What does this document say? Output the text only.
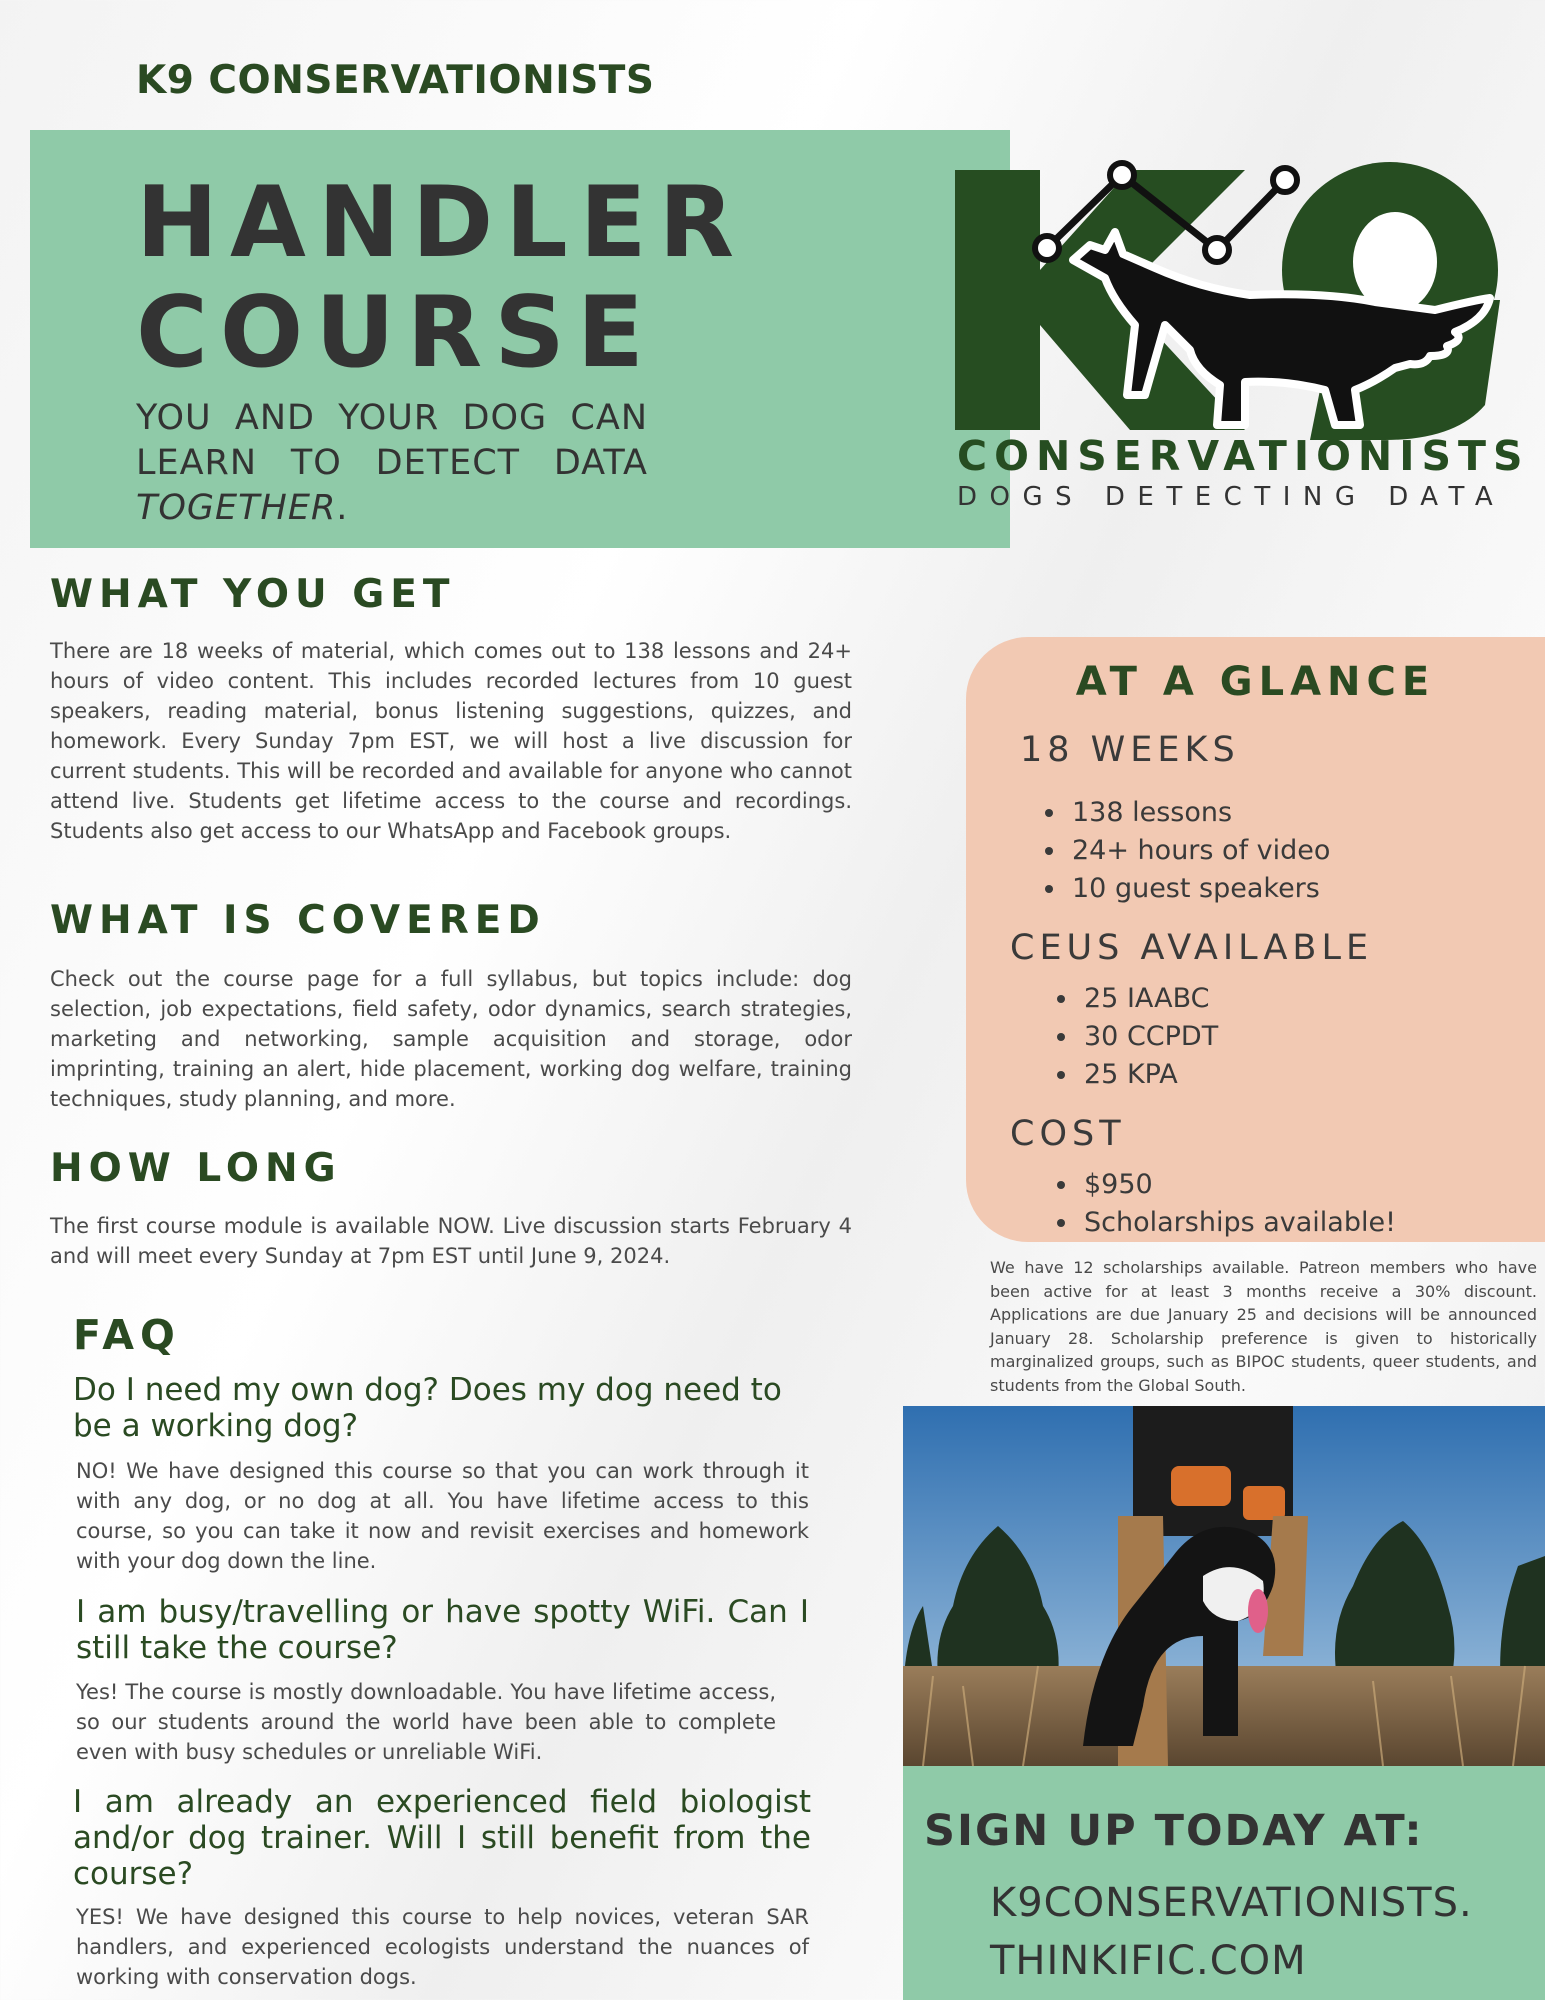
K9 CONSERVATIONISTS
HANDLER
COURSE
YOU AND YOUR DOG CAN
LEARN TO DETECT DATA
TOGETHER.
CONSERVATIONISTS
DOGS DETECTING DATA
WHAT YOU GET
There are 18 weeks of material, which comes out to 138 lessons and 24+ hours of video content. This includes recorded lectures from 10 guest speakers, reading material, bonus listening suggestions, quizzes, and homework. Every Sunday 7pm EST, we will host a live discussion for current students. This will be recorded and available for anyone who cannot attend live. Students get lifetime access to the course and recordings. Students also get access to our WhatsApp and Facebook groups.
WHAT IS COVERED
Check out the course page for a full syllabus, but topics include: dog selection, job expectations, field safety, odor dynamics, search strategies, marketing and networking, sample acquisition and storage, odor imprinting, training an alert, hide placement, working dog welfare, training techniques, study planning, and more.
HOW LONG
The first course module is available NOW. Live discussion starts February 4 and will meet every Sunday at 7pm EST until June 9, 2024.
FAQ
Do I need my own dog? Does my dog need to be a working dog?
NO! We have designed this course so that you can work through it with any dog, or no dog at all. You have lifetime access to this course, so you can take it now and revisit exercises and homework with your dog down the line.
I am busy/travelling or have spotty WiFi. Can I still take the course?
Yes! The course is mostly downloadable. You have lifetime access, so our students around the world have been able to complete even with busy schedules or unreliable WiFi.
I am already an experienced field biologist and/or dog trainer. Will I still benefit from the course?
YES! We have designed this course to help novices, veteran SAR handlers, and experienced ecologists understand the nuances of working with conservation dogs.
AT A GLANCE
18 WEEKS
• 138 lessons
• 24+ hours of video
• 10 guest speakers
CEUS AVAILABLE
• 25 IAABC
• 30 CCPDT
• 25 KPA
COST
• $950
• Scholarships available!
We have 12 scholarships available. Patreon members who have been active for at least 3 months receive a 30% discount. Applications are due January 25 and decisions will be announced January 28. Scholarship preference is given to historically marginalized groups, such as BIPOC students, queer students, and students from the Global South.
SIGN UP TODAY AT:
K9CONSERVATIONISTS.
THINKIFIC.COM
